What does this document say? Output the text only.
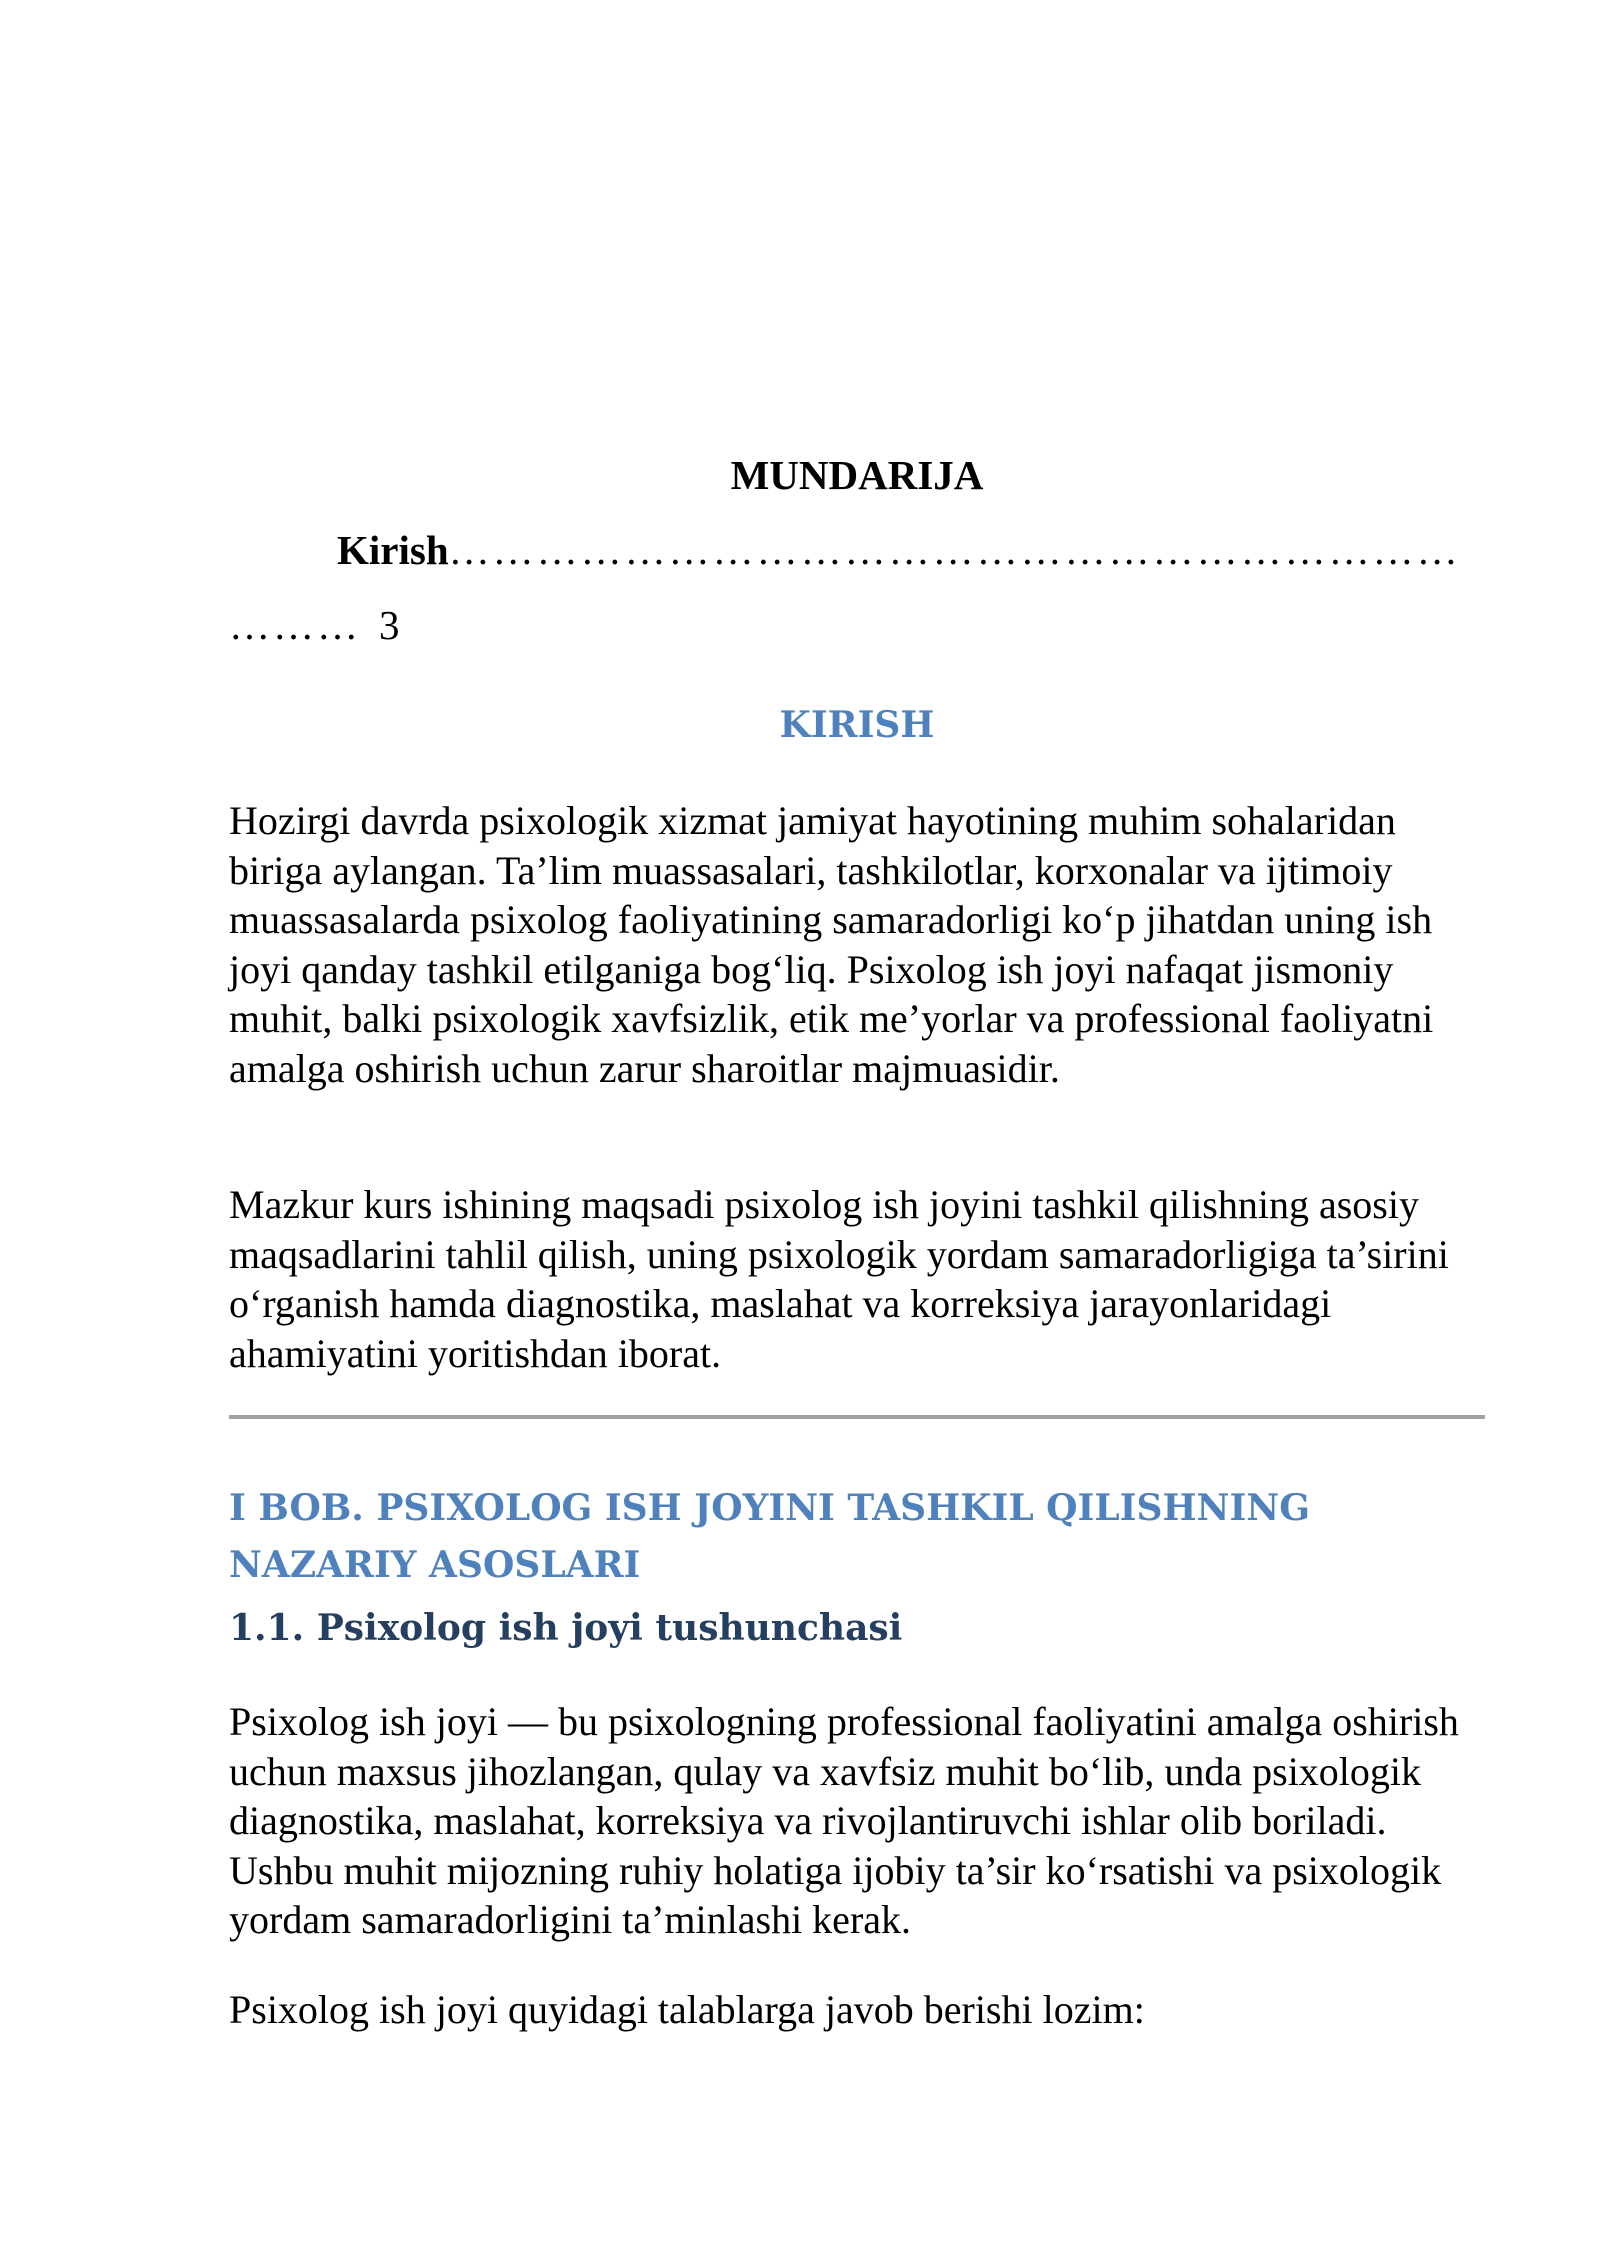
MUNDARIJA
Kirish……………………………………………………………
……… 3
KIRISH

Hozirgi davrda psixologik xizmat jamiyat hayotining muhim sohalaridan biriga aylangan. Ta’lim muassasalari, tashkilotlar, korxonalar va ijtimoiy muassasalarda psixolog faoliyatining samaradorligi ko‘p jihatdan uning ish joyi qanday tashkil etilganiga bog‘liq. Psixolog ish joyi nafaqat jismoniy muhit, balki psixologik xavfsizlik, etik me’yorlar va professional faoliyatni amalga oshirish uchun zarur sharoitlar majmuasidir.

Mazkur kurs ishining maqsadi psixolog ish joyini tashkil qilishning asosiy maqsadlarini tahlil qilish, uning psixologik yordam samaradorligiga ta’sirini o‘rganish hamda diagnostika, maslahat va korreksiya jarayonlaridagi ahamiyatini yoritishdan iborat.

I BOB. PSIXOLOG ISH JOYINI TASHKIL QILISHNING NAZARIY ASOSLARI
1.1. Psixolog ish joyi tushunchasi

Psixolog ish joyi — bu psixologning professional faoliyatini amalga oshirish uchun maxsus jihozlangan, qulay va xavfsiz muhit bo‘lib, unda psixologik diagnostika, maslahat, korreksiya va rivojlantiruvchi ishlar olib boriladi. Ushbu muhit mijozning ruhiy holatiga ijobiy ta’sir ko‘rsatishi va psixologik yordam samaradorligini ta’minlashi kerak.

Psixolog ish joyi quyidagi talablarga javob berishi lozim:
